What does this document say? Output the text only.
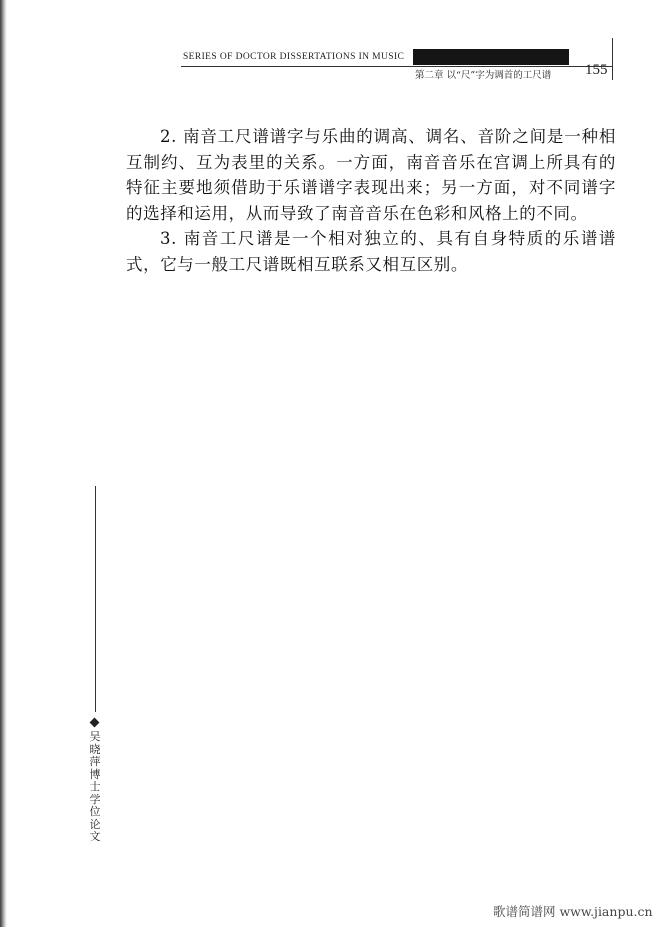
SERIES OF DOCTOR DISSERTATIONS IN MUSIC
第二章 以“尺”字为调首的工尺谱 155

2. 南音工尺谱谱字与乐曲的调高、调名、音阶之间是一种相互制约、互为表里的关系。一方面，南音音乐在宫调上所具有的特征主要地须借助于乐谱谱字表现出来；另一方面，对不同谱字的选择和运用，从而导致了南音音乐在色彩和风格上的不同。

3. 南音工尺谱是一个相对独立的、具有自身特质的乐谱谱式，它与一般工尺谱既相互联系又相互区别。

吴晓萍博士学位论文
歌谱简谱网 www.jianpu.cn
